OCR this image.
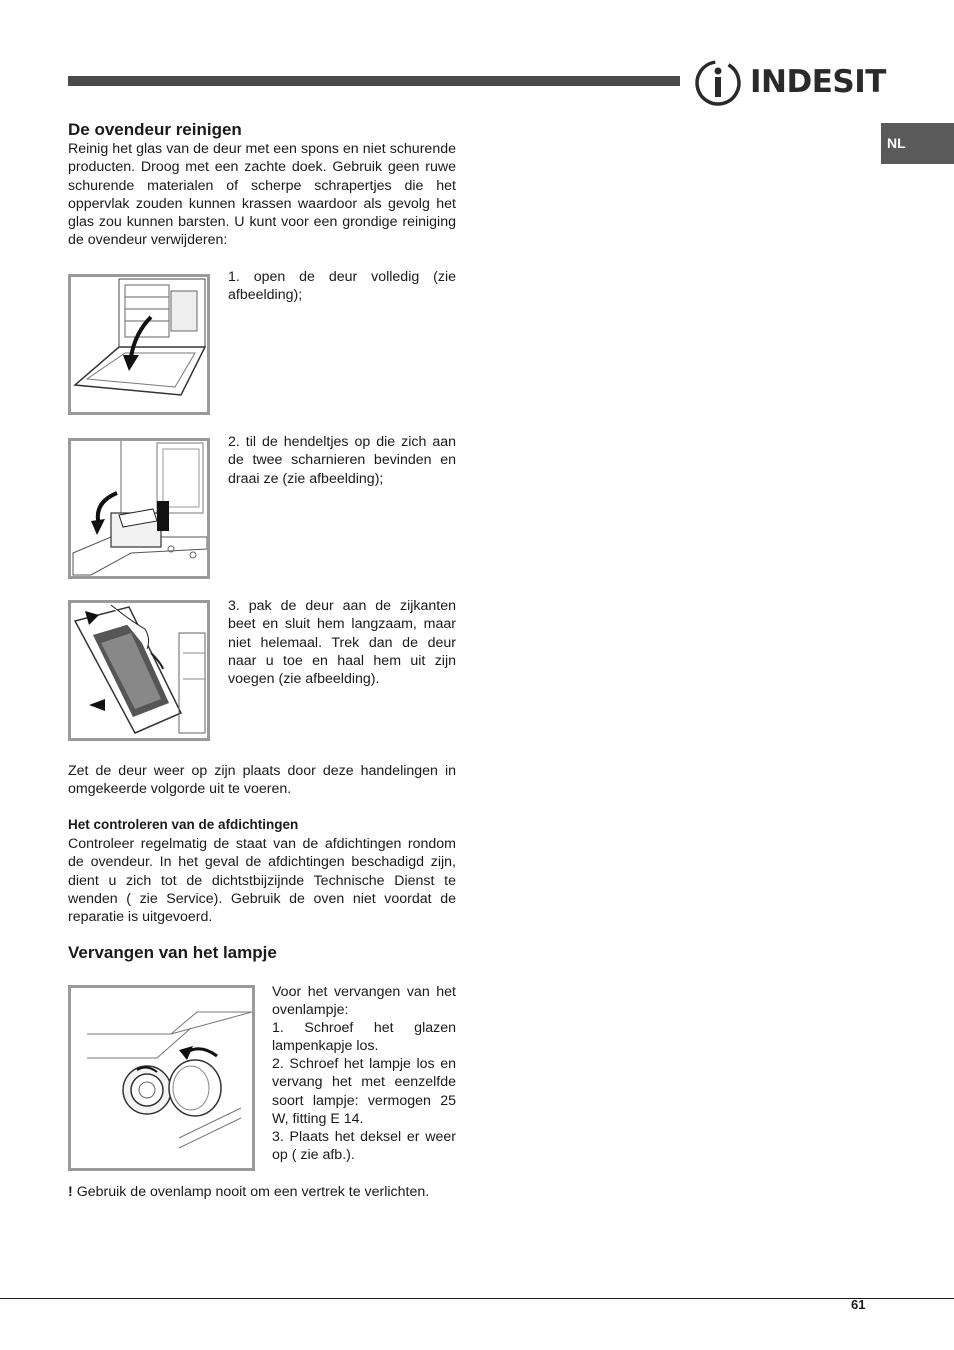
INDESIT
NL
De ovendeur reinigen

Reinig het glas van de deur met een spons en niet schurende producten. Droog met een zachte doek. Gebruik geen ruwe schurende materialen of scherpe schrapertjes die het oppervlak zouden kunnen krassen waardoor als gevolg het glas zou kunnen barsten. U kunt voor een grondige reiniging de ovendeur verwijderen:

1. open de deur volledig (zie afbeelding);

2. til de hendeltjes op die zich aan de twee scharnieren bevinden en draai ze (zie afbeelding);

3. pak de deur aan de zijkanten beet en sluit hem langzaam, maar niet helemaal. Trek dan de deur naar u toe en haal hem uit zijn voegen (zie afbeelding).

Zet de deur weer op zijn plaats door deze handelingen in omgekeerde volgorde uit te voeren.

Het controleren van de afdichtingen

Controleer regelmatig de staat van de afdichtingen rondom de ovendeur. In het geval de afdichtingen beschadigd zijn, dient u zich tot de dichtstbijzijnde Technische Dienst te wenden ( zie Service). Gebruik de oven niet voordat de reparatie is uitgevoerd.

Vervangen van het lampje

Voor het vervangen van het ovenlampje:

1. Schroef het glazen lampenkapje los.

2. Schroef het lampje los en vervang het met eenzelfde soort lampje: vermogen 25 W, fitting E 14.

3. Plaats het deksel er weer op ( zie afb.).

! Gebruik de ovenlamp nooit om een vertrek te verlichten.

61
